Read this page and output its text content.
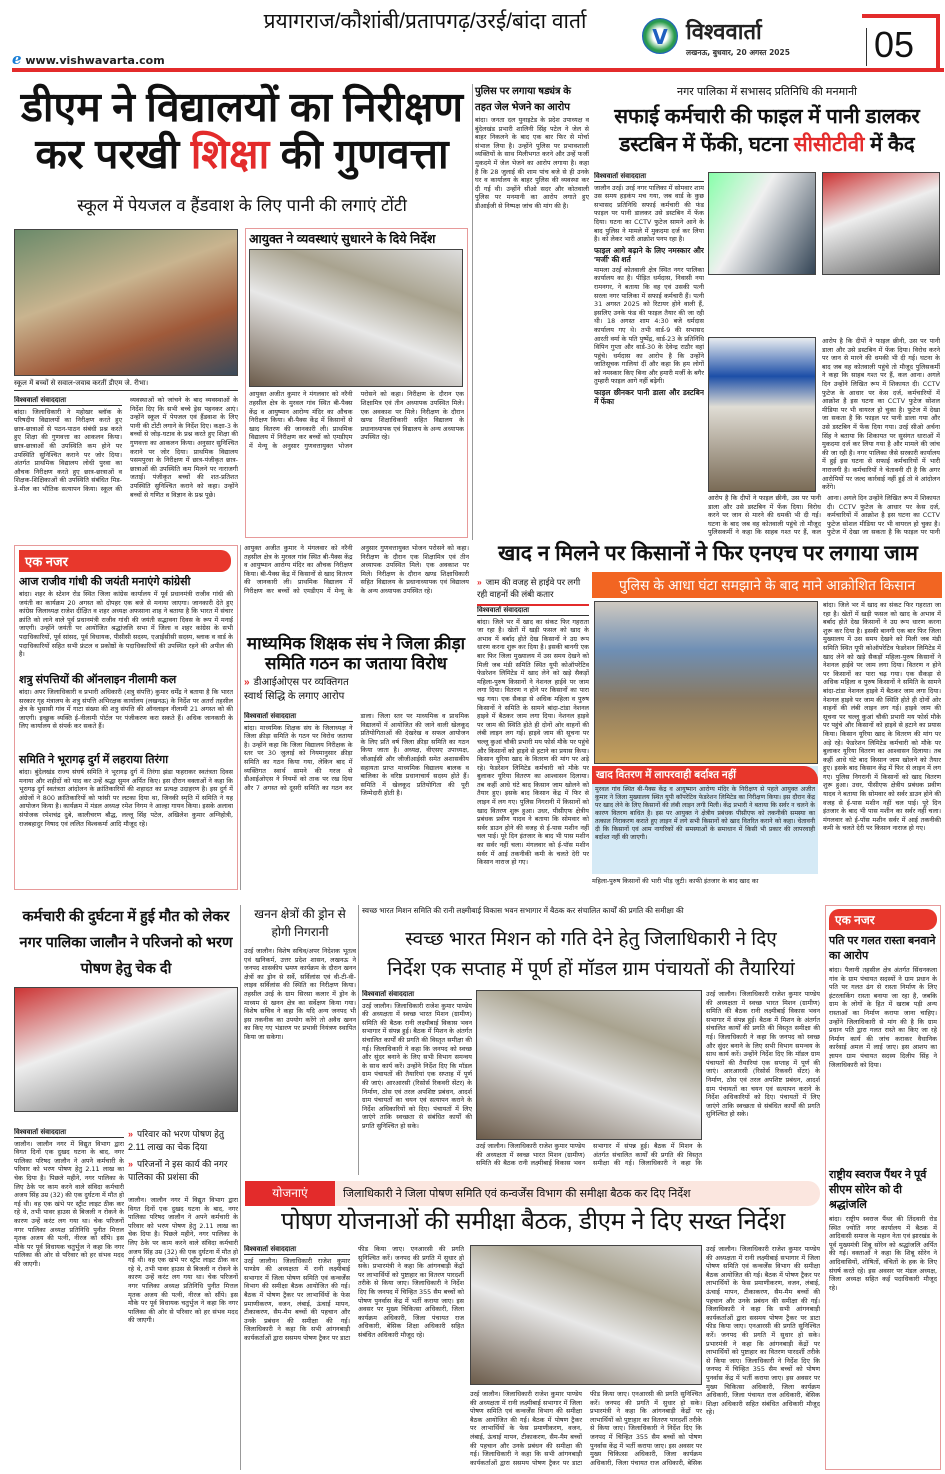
प्रयागराज/कौशांबी/प्रतापगढ़/उरई/बांदा वार्ता
e www.vishwavarta.com
V विश्ववार्ता
लखनऊ, बुधवार, 20 अगस्त 2025 05
डीएम ने विद्यालयों का निरीक्षण
कर परखी शिक्षा की गुणवत्ता
स्कूल में पेयजल व हैंडवाश के लिए पानी की लगाएं टोंटी
स्कूल में बच्चों से सवाल-जवाब करतीं डीएम जे. रीभा।
विश्ववार्ता संवाददाता
बांदा। जिलाधिकारी ने महोखर ब्लॉक के परिषदीय विद्यालयों का निरीक्षण करते हुए छात्र-छात्राओं से पठन-पाठन संबंधी प्रश्न करते हुए शिक्षा की गुणवत्ता का आकलन किया। छात्र-छात्राओं की उपस्थिति कम होने पर उपस्थिति सुनिश्चित कराने पर जोर दिया। अंतर्गत प्राथमिक विद्यालय लोधी पुरवा का औचक निरीक्षण करते हुए छात्र-छात्राओं व शिक्षक-शिक्षिकाओं की उपस्थिति संबंधित मिड-डे-मील का भौतिक सत्यापन किया। स्कूल की व्यवस्थाओं को जांचने के बाद व्यवस्थाओं के निर्देश दिए कि सभी बच्चे ड्रेस पहनकर आएं। उन्होंने स्कूल में पेयजल एवं हैंडवाश के लिए पानी की टोंटी लगाने के निर्देश दिए। कक्षा-3 के बच्चों से जोड़-घटाव के प्रश्न करते हुए शिक्षा की गुणवत्ता का आकलन किया। अनुसार सुनिश्चित कराने पर जोर दिया। प्राथमिक विद्यालय पसमपुरवा के निरीक्षण में छात्र-पंजीकृत छात्र-छात्राओं की उपस्थिति कम मिलने पर नाराजगी जताई। पंजीकृत बच्चों की शत-प्रतिशत उपस्थिति सुनिश्चित कराने को कहा। उन्होंने बच्चों से गणित व विज्ञान के प्रश्न पूछे।
आयुक्त ने व्यवस्थाएं सुधारने के दिये निर्देश
आयुक्त अजीत कुमार ने मंगलवार को नरैनी तहसील क्षेत्र के मुरवल गांव स्थित बी-पैक्स केंद्र व आयुष्मान आरोग्य मंदिर का औचक निरीक्षण किया। बी-पैक्स केंद्र में किसानों से खाद वितरण की जानकारी ली। प्राथमिक विद्यालय में निरीक्षण कर बच्चों को एमडीएम में मेन्यू के अनुसार गुणवत्तायुक्त भोजन परोसने को कहा। निरीक्षण के दौरान एक शिक्षामित्र एवं तीन अध्यापक उपस्थित मिले। एक अवकाश पर मिले। निरीक्षण के दौरान खण्ड शिक्षाधिकारी सहित विद्यालय के प्रधानाध्यापक एवं विद्यालय के अन्य अध्यापक उपस्थित रहे।
पुलिस पर लगाया षड्यंत्र के तहत जेल भेजने का आरोप
बांदा। जनता दल युनाइटेड के प्रदेश उपाध्यक्ष व बुंदेलखंड प्रभारी शालिनी सिंह पटेल ने जेल से बाहर निकलने के बाद एक बार फिर से मोर्चा संभाल लिया है। उन्होंने पुलिस पर प्रभावशाली व्यक्तियों के साथ मिलीभगत करने और उन्हें फर्जी मुकदमे में जेल भेजने का आरोप लगाया है। कहा है कि 28 जुलाई की शाम पांच बजे से ही उनके घर व कार्यालय के बाहर पुलिस की व्यवस्था कर दी गई थी। उन्होंने सीओ सदर और कोतवाली पुलिस पर मनमानी का आरोप लगाते हुए डीआईजी से निष्पक्ष जांच की मांग की है।
नगर पालिका में सभासद प्रतिनिधि की मनमानी
सफाई कर्मचारी की फाइल में पानी डालकर
डस्टबिन में फेंकी, घटना सीसीटीवी में कैद
विश्ववार्ता संवाददाता
जालौन उरई। उरई नगर पालिका में सोमवार शाम उस समय हड़कंप मच गया, जब वार्ड के कुछ सभासद प्रतिनिधि सफाई कर्मचारी की फंड फाइल पर पानी डालकर उसे डस्टबिन में फेंक दिया। घटना का CCTV फुटेज सामने आने के बाद पुलिस ने मामले में मुकदमा दर्ज कर लिया है। को लेकर भारी आक्रोश पनप रहा है।
फाइल आगे बढ़ाने के लिए नमस्कार और 'मर्जी' की शर्त
मामला उरई कोतवाली क्षेत्र स्थित नगर पालिका कार्यालय का है। पीड़ित धर्मदास, निवासी नया रामनगर, ने बताया कि वह एवं उसकी पत्नी सरला नगर पालिका में सफाई कर्मचारी हैं। पत्नी 31 अगस्त 2025 को रिटायर होने वाली हैं, इसलिए उनके फंड की फाइल तैयार की जा रही थी। 18 अगस्त शाम 4:30 बजे धर्मदास कार्यालय गए थे। तभी वार्ड-9 की सभासद आरती वर्मा के पति पुष्पेंद्र, वार्ड-23 के प्रतिनिधि विपिन गुप्ता और वार्ड-30 के देवेन्द्र राठौर वहां पहुंचे। धर्मदास का आरोप है कि उन्होंने जातिसूचक गालियां दीं और कहा कि हम लोगों को नमस्कार किए बिना और हमारी मर्जी के बगैर तुम्हारी फाइल आगे नहीं बढ़ेगी।
फाइल छीनकर पानी डाला और डस्टबिन में फेंका
आरोप है कि दीपों ने फाइल छीनी, उस पर पानी डाला और उसे डस्टबिन में फेंक दिया। विरोध करने पर जान से मारने की धमकी भी दी गई। घटना के बाद जब वह कोतवाली पहुंचे तो मौजूद पुलिसकर्मी ने कहा कि साहब गश्त पर हैं, कल आना। अगले दिन उन्होंने लिखित रूप में शिकायत दी। CCTV फुटेज के आधार पर केस दर्ज, कर्मचारियों में आक्रोश है इस घटना का CCTV फुटेज सोशल मीडिया पर भी वायरल हो चुका है। फुटेज में देखा जा सकता है कि फाइल पर पानी
आरोप है कि दीपों ने फाइल छीनी, उस पर पानी डाला और उसे डस्टबिन में फेंक दिया। विरोध करने पर जान से मारने की धमकी भी दी गई। घटना के बाद जब वह कोतवाली पहुंचे तो मौजूद पुलिसकर्मी ने कहा कि साहब गश्त पर हैं, कल आना। अगले दिन उन्होंने लिखित रूप में शिकायत दी। CCTV फुटेज के आधार पर केस दर्ज, कर्मचारियों में आक्रोश है इस घटना का CCTV फुटेज सोशल मीडिया पर भी वायरल हो चुका है। फुटेज में देखा जा सकता है कि फाइल पर पानी डाला गया और उसे डस्टबिन में फेंक दिया गया। उरई सीओ अर्चना सिंह ने बताया कि शिकायत पर सुसंगत धाराओं में मुकदमा दर्ज कर लिया गया है और मामले की जांच की जा रही है। नगर पालिका जैसे सरकारी कार्यालय में हुई इस घटना से सफाई कर्मचारियों में भारी नाराजगी है। कर्मचारियों ने चेतावनी दी है कि अगर आरोपियों पर जल्द कार्रवाई नहीं हुई तो वे आंदोलन करेंगे।
एक नजर
आज राजीव गांधी की जयंती मनाएंगे कांग्रेसी
बांदा। शहर के स्टेशन रोड स्थित जिला कांग्रेस कार्यालय में पूर्व प्रधानमंत्री राजीव गांधी की जयंती का कार्यक्रम 20 अगस्त को दोपहर एक बजे से मनाया जाएगा। जानकारी देते हुए कांग्रेस जिलाध्यक्ष राजेश दीक्षित व शहर अध्यक्ष अफसाना शाह ने बताया है कि भारत में संचार क्रांति को लाने वाले पूर्व प्रधानमंत्री राजीव गांधी की जयंती सद्भावना दिवस के रूप में मनाई जाएगी। उन्होंने जयंती पर आयोजित श्रद्धांजलि सभा में जिला व शहर कांग्रेस के सभी पदाधिकारियों, पूर्व सांसद, पूर्व विधायक, पीसीसी सदस्य, एआईसीसी सदस्य, ब्लाक व वार्ड के पदाधिकारियों सहित सभी फ्रंटल व प्रकोष्ठों के पदाधिकारियों की उपस्थित रहने की अपील की है।
शत्रु संपत्तियों की ऑनलाइन नीलामी कल
बांदा। अपर जिलाधिकारी व प्रभारी अधिकारी (शत्रु संपत्ति) कुमार धर्मेंद्र ने बताया है कि भारत सरकार गृह मंत्रालय के शत्रु संपत्ति अभिरक्षक कार्यालय (लखनऊ) के निर्देश पर अतर्रा तहसील क्षेत्र के भुसासी गांव में गाटा संख्या की शत्रु संपत्ति की ऑनलाइन नीलामी 21 अगस्त को की जाएगी। इच्छुक व्यक्ति ई-नीलामी पोर्टल पर पंजीकरण करा सकते हैं। अधिक जानकारी के लिए कार्यालय से संपर्क कर सकते हैं।
समिति ने भूरागढ़ दुर्ग में लहराया तिरंगा
बांदा। बुंदेलखंड राज्य संघर्ष समिति ने भूरागढ़ दुर्ग में तिरंगा झंडा फहराकर स्वतंत्रता दिवस मनाया और शहीदों को याद कर उन्हें श्रद्धा सुमन अर्पित किए। इस दौरान वक्ताओं ने कहा कि भूरागढ़ दुर्ग स्वतंत्रता आंदोलन के क्रांतिकारियों की शहादत का प्रत्यक्ष उदाहरण है। इस दुर्ग में अंग्रेजों ने 800 क्रांतिकारियों को फांसी पर लटका दिया था, जिनकी स्मृति में समिति ने यह आयोजन किया है। कार्यक्रम में मंडल अध्यक्ष रमेश निगम ने आल्हा गायन किया। इसके अलावा संयोजक रमेशचंद्र दुबे, कालीचरण बौद्ध, लल्लू सिंह पटेल, अखिलेश कुमार अग्निहोत्री, राजबहादुर निषाद एवं ललित विश्वकर्मा आदि मौजूद रहे।
आयुक्त अजीत कुमार ने मंगलवार को नरैनी तहसील क्षेत्र के मुरवल गांव स्थित बी-पैक्स केंद्र व आयुष्मान आरोग्य मंदिर का औचक निरीक्षण किया। बी-पैक्स केंद्र में किसानों से खाद वितरण की जानकारी ली। प्राथमिक विद्यालय में निरीक्षण कर बच्चों को एमडीएम में मेन्यू के अनुसार गुणवत्तायुक्त भोजन परोसने को कहा। निरीक्षण के दौरान एक शिक्षामित्र एवं तीन अध्यापक उपस्थित मिले। एक अवकाश पर मिले। निरीक्षण के दौरान खण्ड शिक्षाधिकारी सहित विद्यालय के प्रधानाध्यापक एवं विद्यालय के अन्य अध्यापक उपस्थित रहे।
माध्यमिक शिक्षक संघ ने जिला क्रीड़ा समिति गठन का जताया विरोध
» डीआईओएस पर व्यक्तिगत स्वार्थ सिद्धि के लगाए आरोप
विश्ववार्ता संवाददाता
बांदा। माध्यमिक शिक्षक संघ के जिलाध्यक्ष ने जिला क्रीड़ा समिति के गठन पर विरोध जताया है। उन्होंने कहा कि जिला विद्यालय निरीक्षक के स्तर पर 30 जुलाई को नियमानुसार क्रीड़ा समिति का गठन किया गया, लेकिन बाद में व्यक्तिगत स्वार्थ सामने की गरज से डीआईओएस ने नियमों को ताक पर रख दिया और 7 अगस्त को दूसरी समिति का गठन कर डाला। जिला स्तर पर माध्यमिक व प्राथमिक विद्यालयों में आयोजित की जाने वाली खेलकूद प्रतियोगिताओं की देखरेख व सफल आयोजन के लिए प्रति वर्ष जिला क्रीड़ा समिति का गठन किया जाता है। अध्यक्ष, वीएसए उपाध्यक्ष, जीआईसी और जीजीआईसी समेत अशासकीय सहायता प्राप्त माध्यमिक विद्यालय बालक व बालिका के वरिष्ठ प्रधानाचार्य सदस्य होते हैं। समिति में खेलकूद प्रतियोगिता की पूरी जिम्मेदारी होती है।
खाद न मिलने पर किसानों ने फिर एनएच पर लगाया जाम
पुलिस के आधा घंटा समझाने के बाद माने आक्रोशित किसान
» जाम की वजह से हाईवे पर लगी रही वाहनों की लंबी कतार
विश्ववार्ता संवाददाता
बांदा। जिले भर में खाद का संकट फिर गहराता जा रहा है। खेतों में खड़ी फसल को खाद के अभाव में बर्बाद होते देख किसानों ने उग्र रूप धारण करना शुरू कर दिया है। इसकी बानगी एक बार फिर जिला मुख्यालय में उस समय देखने को मिली जब मंडी समिति स्थित यूपी कोऑपरेटिव फेडरेशन लिमिटेड में खाद लेने को खड़े सैकड़ों महिला-पुरुष किसानों ने नेशनल हाईवे पर जाम लगा दिया। वितरण न होने पर किसानों का पारा चढ़ गया। एक सैकड़ा से अधिक महिला व पुरुष किसानों ने समिति के सामने बांदा-टांडा नेशनल हाइवे में बैठकर जाम लगा दिया। नेशनल हाइवे पर जाम की स्थिति होते ही दोनों ओर वाहनों की लंबी लाइन लग गई। हाइवे जाम की सूचना पर चल्लू कुआं चौकी प्रभारी मय फोर्स मौके पर पहुंचे और किसानों को हाइवे से हटाने का प्रयास किया। किसान यूरिया खाद के वितरण की मांग पर अड़े रहे। फेडरेशन लिमिटेड कर्मचारी को मौके पर बुलाकर यूरिया वितरण का आश्वासन दिलाया। तब कहीं आधे घंटे बाद किसान जाम खोलने को तैयार हुए। इसके बाद किसान केंद्र में फिर से लाइन में लग गए। पुलिस निगरानी में किसानों को खाद वितरण शुरू हुआ। उधर, पीसीएफ क्षेत्रीय प्रबंधक प्रवीण यादव ने बताया कि सोमवार को सर्वर डाउन होने की वजह से ई-पास मशीन नहीं चल पाई। पूरे दिन इंतजार के बाद भी पास मशीन का सर्वर नहीं चला। मंगलवार को ई-पॉस मशीन सर्वर में आई तकनीकी कमी के चलते देरी पर किसान नाराज हो गए।
बांदा। जिले भर में खाद का संकट फिर गहराता जा रहा है। खेतों में खड़ी फसल को खाद के अभाव में बर्बाद होते देख किसानों ने उग्र रूप धारण करना शुरू कर दिया है। इसकी बानगी एक बार फिर जिला मुख्यालय में उस समय देखने को मिली जब मंडी समिति स्थित यूपी कोऑपरेटिव फेडरेशन लिमिटेड में खाद लेने को खड़े सैकड़ों महिला-पुरुष किसानों ने नेशनल हाईवे पर जाम लगा दिया। वितरण न होने पर किसानों का पारा चढ़ गया। एक सैकड़ा से अधिक महिला व पुरुष किसानों ने समिति के सामने बांदा-टांडा नेशनल हाइवे में बैठकर जाम लगा दिया। नेशनल हाइवे पर जाम की स्थिति होते ही दोनों ओर वाहनों की लंबी लाइन लग गई। हाइवे जाम की सूचना पर चल्लू कुआं चौकी प्रभारी मय फोर्स मौके पर पहुंचे और किसानों को हाइवे से हटाने का प्रयास किया। किसान यूरिया खाद के वितरण की मांग पर अड़े रहे। फेडरेशन लिमिटेड कर्मचारी को मौके पर बुलाकर यूरिया वितरण का आश्वासन दिलाया। तब कहीं आधे घंटे बाद किसान जाम खोलने को तैयार हुए। इसके बाद किसान केंद्र में फिर से लाइन में लग गए। पुलिस निगरानी में किसानों को खाद वितरण शुरू हुआ। उधर, पीसीएफ क्षेत्रीय प्रबंधक प्रवीण यादव ने बताया कि सोमवार को सर्वर डाउन होने की वजह से ई-पास मशीन नहीं चल पाई। पूरे दिन इंतजार के बाद भी पास मशीन का सर्वर नहीं चला। मंगलवार को ई-पॉस मशीन सर्वर में आई तकनीकी कमी के चलते देरी पर किसान नाराज हो गए।
खाद वितरण में लापरवाही बर्दाश्त नहीं
मुरवल गांव स्थित बी-पैक्स केंद्र व आयुष्मान आरोग्य मंदिर के निरीक्षण से पहले आयुक्त अजीत कुमार ने जिला मुख्यालय स्थित यूपी कॉपरेटिव फेडरेशन लिमिटेड का निरीक्षण किया। इस दौरान केंद्र पर खाद लेने के लिए किसानों की लंबी लाइन लगी मिली। केंद्र प्रभारी ने बताया कि सर्वर न चलने के कारण वितरण बाधित है। इस पर आयुक्त ने क्षेत्रीय प्रबंधक पीसीएफ को तकनीकी समस्या का तत्काल निराकरण कराते हुए लाइन में लगे सभी किसानों को खाद वितरित कराने को कहा। चेतावनी दी कि किसानों एवं आम नागरिकों की समस्याओं के समाधान में किसी भी प्रकार की लापरवाही बर्दाश्त नहीं की जाएगी।
महिला-पुरुष किसानों की भारी भीड़ जुटी। काफी इंतजार के बाद खाद का
कर्मचारी की दुर्घटना में हुई मौत को लेकर नगर पालिका जालौन ने परिजनो को भरण पोषण हेतु चेक दी
विश्ववार्ता संवाददाता
जालौन। जालौन नगर में विद्युत विभाग द्वारा विगत दिनों एक दुखद घटना के बाद, नगर पालिका परिषद जालौन ने अपने कर्मचारी के परिवार को भरण पोषण हेतु 2.11 लाख का चेक दिया है। पिछले महीने, नगर पालिका के लिए ठेके पर काम करने वाले संविदा कर्मचारी अजय सिंह उम्र (32) की एक दुर्घटना में मौत हो गई थी। वह एक खंभे पर स्ट्रीट लाइट ठीक कर रहे थे, तभी पावर हाउस से बिजली न रोकने के कारण उन्हें करंट लग गया था। चेक परिजनों नगर पालिका अध्यक्ष प्रतिनिधि पुनीत मित्तल मृतक अजय की पत्नी, नीरज को सौंपे। इस मौके पर पूर्व विधायक चतुर्भुज ने कहा कि नगर पालिका की ओर से परिवार को हर संभव मदद की जाएगी।
» परिवार को भरण पोषण हेतु 2.11 लाख का चेक दिया
» परिजनों ने इस कार्य की नगर पालिका की प्रशंसा की
जालौन। जालौन नगर में विद्युत विभाग द्वारा विगत दिनों एक दुखद घटना के बाद, नगर पालिका परिषद जालौन ने अपने कर्मचारी के परिवार को भरण पोषण हेतु 2.11 लाख का चेक दिया है। पिछले महीने, नगर पालिका के लिए ठेके पर काम करने वाले संविदा कर्मचारी अजय सिंह उम्र (32) की एक दुर्घटना में मौत हो गई थी। वह एक खंभे पर स्ट्रीट लाइट ठीक कर रहे थे, तभी पावर हाउस से बिजली न रोकने के कारण उन्हें करंट लग गया था। चेक परिजनों नगर पालिका अध्यक्ष प्रतिनिधि पुनीत मित्तल मृतक अजय की पत्नी, नीरज को सौंपे। इस मौके पर पूर्व विधायक चतुर्भुज ने कहा कि नगर पालिका की ओर से परिवार को हर संभव मदद की जाएगी।
खनन क्षेत्रों की ड्रोन से होगी निगरानी
उरई जालौन। विशेष सचिव/अपर निदेशक भूतत्व एवं खनिकर्म, उत्तर प्रदेश शासन, लखनऊ ने जनपद शासकीय भ्रमण कार्यक्रम के दौरान खनन क्षेत्रों का ड्रोन से सर्वे, सर्विलांस एवं वी-टी-वी-लाइव सर्विलांस की स्थिति का निरीक्षण किया। तहसील उरई के ग्राम सिरसा कलार में ड्रोन के माध्यम से खनन क्षेत्र का सर्वेक्षण किया गया। विशेष सचिव ने कहा कि यदि अन्य जनपद भी इस तकनीक का उपयोग करेंगे तो अवैध खनन का किए गए भंडारण पर प्रभावी नियंत्रण स्थापित किया जा सकेगा।
स्वच्छ भारत मिशन समिति की रानी लक्ष्मीबाई विकास भवन सभागार में बैठक कर संचालित कार्यों की प्रगति की समीक्षा की
स्वच्छ भारत मिशन को गति देने हेतु जिलाधिकारी ने दिए
निर्देश एक सप्ताह में पूर्ण हों मॉडल ग्राम पंचायतों की तैयारियां
विश्ववार्ता संवाददाता
उरई जालौन। जिलाधिकारी राजेश कुमार पाण्डेय की अध्यक्षता में स्वच्छ भारत मिशन (ग्रामीण) समिति की बैठक रानी लक्ष्मीबाई विकास भवन सभागार में संपन्न हुई। बैठक में मिशन के अंतर्गत संचालित कार्यों की प्रगति की विस्तृत समीक्षा की गई। जिलाधिकारी ने कहा कि जनपद को स्वच्छ और सुंदर बनाने के लिए सभी विभाग समन्वय के साथ कार्य करें। उन्होंने निर्देश दिए कि मॉडल ग्राम पंचायतों की तैयारियां एक सप्ताह में पूर्ण की जाएं। आरआरसी (रिसोर्स रिकवरी सेंटर) के निर्माण, ठोस एवं तरल अपशिष्ट प्रबंधन, आदर्श ग्राम पंचायतों का चयन एवं सत्यापन कराने के निर्देश अधिकारियों को दिए। पंचायतों में लिए जाएंगे ताकि स्वच्छता से संबंधित कार्यों की प्रगति सुनिश्चित हो सके।
उरई जालौन। जिलाधिकारी राजेश कुमार पाण्डेय की अध्यक्षता में स्वच्छ भारत मिशन (ग्रामीण) समिति की बैठक रानी लक्ष्मीबाई विकास भवन सभागार में संपन्न हुई। बैठक में मिशन के अंतर्गत संचालित कार्यों की प्रगति की विस्तृत समीक्षा की गई। जिलाधिकारी ने कहा कि
उरई जालौन। जिलाधिकारी राजेश कुमार पाण्डेय की अध्यक्षता में स्वच्छ भारत मिशन (ग्रामीण) समिति की बैठक रानी लक्ष्मीबाई विकास भवन सभागार में संपन्न हुई। बैठक में मिशन के अंतर्गत संचालित कार्यों की प्रगति की विस्तृत समीक्षा की गई। जिलाधिकारी ने कहा कि जनपद को स्वच्छ और सुंदर बनाने के लिए सभी विभाग समन्वय के साथ कार्य करें। उन्होंने निर्देश दिए कि मॉडल ग्राम पंचायतों की तैयारियां एक सप्ताह में पूर्ण की जाएं। आरआरसी (रिसोर्स रिकवरी सेंटर) के निर्माण, ठोस एवं तरल अपशिष्ट प्रबंधन, आदर्श ग्राम पंचायतों का चयन एवं सत्यापन कराने के निर्देश अधिकारियों को दिए। पंचायतों में लिए जाएंगे ताकि स्वच्छता से संबंधित कार्यों की प्रगति सुनिश्चित हो सके।
योजनाएं	जिलाधिकारी ने जिला पोषण समिति एवं कन्वर्जेंस विभाग की समीक्षा बैठक कर दिए निर्देश
पोषण योजनाओं की समीक्षा बैठक, डीएम ने दिए सख्त निर्देश
विश्ववार्ता संवाददाता
उरई जालौन। जिलाधिकारी राजेश कुमार पाण्डेय की अध्यक्षता में रानी लक्ष्मीबाई सभागार में जिला पोषण समिति एवं कन्वर्जेंस विभाग की समीक्षा बैठक आयोजित की गई। बैठक में पोषण ट्रैकर पर लाभार्थियों के फेस प्रमाणीकरण, वजन, लंबाई, ऊंचाई मापन, टीकाकरण, सैम-मैम बच्चों की पहचान और उनके प्रबंधन की समीक्षा की गई। जिलाधिकारी ने कहा कि सभी आंगनबाड़ी कार्यकर्ताओं द्वारा ससमय पोषण ट्रैकर पर डाटा फीड किया जाए। एनआरसी की प्रगति सुनिश्चित करें। जनपद की प्रगति में सुधार हो सके। प्रभारमंत्री ने कहा कि आंगनबाड़ी केंद्रों पर लाभार्थियों को पुष्टाहार का वितरण पारदर्शी तरीके से किया जाए। जिलाधिकारी ने निर्देश दिए कि जनपद में चिन्हित 355 सैम बच्चों को पोषण पुनर्वास केंद्र में भर्ती कराया जाए। इस अवसर पर मुख्य चिकित्सा अधिकारी, जिला कार्यक्रम अधिकारी, जिला पंचायत राज अधिकारी, बेसिक शिक्षा अधिकारी सहित संबंधित अधिकारी मौजूद रहे।
उरई जालौन। जिलाधिकारी राजेश कुमार पाण्डेय की अध्यक्षता में रानी लक्ष्मीबाई सभागार में जिला पोषण समिति एवं कन्वर्जेंस विभाग की समीक्षा बैठक आयोजित की गई। बैठक में पोषण ट्रैकर पर लाभार्थियों के फेस प्रमाणीकरण, वजन, लंबाई, ऊंचाई मापन, टीकाकरण, सैम-मैम बच्चों की पहचान और उनके प्रबंधन की समीक्षा की गई। जिलाधिकारी ने कहा कि सभी आंगनबाड़ी कार्यकर्ताओं द्वारा ससमय पोषण ट्रैकर पर डाटा फीड किया जाए। एनआरसी की प्रगति सुनिश्चित करें। जनपद की प्रगति में सुधार हो सके। प्रभारमंत्री ने कहा कि आंगनबाड़ी केंद्रों पर लाभार्थियों को पुष्टाहार का वितरण पारदर्शी तरीके से किया जाए। जिलाधिकारी ने निर्देश दिए कि जनपद में चिन्हित 355 सैम बच्चों को पोषण पुनर्वास केंद्र में भर्ती कराया जाए। इस अवसर पर मुख्य चिकित्सा अधिकारी, जिला कार्यक्रम अधिकारी, जिला पंचायत राज अधिकारी, बेसिक
उरई जालौन। जिलाधिकारी राजेश कुमार पाण्डेय की अध्यक्षता में रानी लक्ष्मीबाई सभागार में जिला पोषण समिति एवं कन्वर्जेंस विभाग की समीक्षा बैठक आयोजित की गई। बैठक में पोषण ट्रैकर पर लाभार्थियों के फेस प्रमाणीकरण, वजन, लंबाई, ऊंचाई मापन, टीकाकरण, सैम-मैम बच्चों की पहचान और उनके प्रबंधन की समीक्षा की गई। जिलाधिकारी ने कहा कि सभी आंगनबाड़ी कार्यकर्ताओं द्वारा ससमय पोषण ट्रैकर पर डाटा फीड किया जाए। एनआरसी की प्रगति सुनिश्चित करें। जनपद की प्रगति में सुधार हो सके। प्रभारमंत्री ने कहा कि आंगनबाड़ी केंद्रों पर लाभार्थियों को पुष्टाहार का वितरण पारदर्शी तरीके से किया जाए। जिलाधिकारी ने निर्देश दिए कि जनपद में चिन्हित 355 सैम बच्चों को पोषण पुनर्वास केंद्र में भर्ती कराया जाए। इस अवसर पर मुख्य चिकित्सा अधिकारी, जिला कार्यक्रम अधिकारी, जिला पंचायत राज अधिकारी, बेसिक शिक्षा अधिकारी सहित संबंधित अधिकारी मौजूद रहे।
एक नजर
पति पर गलत रास्ता बनवाने का आरोप
बांदा। पैलानी तहसील क्षेत्र अंतर्गत सिंधनकला गांव के ग्राम पंचायत सदस्यों ने ग्राम प्रधान के पति पर गलत ढंग से रास्ता निर्माण के लिए इंटरलाकिंग रास्ता बनाया जा रहा है, जबकि ग्राम के लोगों के हित में खराब पड़ी अन्य रास्ताओं का निर्माण कराया जाना चाहिए। उन्होंने जिलाधिकारी से मांग की है कि ग्राम प्रधान पति द्वारा गलत रास्ते का किए जा रहे निर्माण कार्य की जांच कराकर वैधानिक कार्रवाई अमल में लाई जाए। इस आशय का ज्ञापन ग्राम पंचायत सदस्य दिलीप सिंह ने जिलाधिकारी को दिया।
राष्ट्रीय स्वराज पैंथर ने पूर्व सीएम सोरेन को दी श्रद्धांजलि
बांदा। राष्ट्रीय स्वराज पैंथर की तिंदवारी रोड स्थित ज्योति नगर कार्यालय में बैठक में आदिवासी समाज के महान नेता एवं झारखंड के पूर्व मुख्यमंत्री शिबू सोरेन को श्रद्धांजलि अर्पित की गई। वक्ताओं ने कहा कि शिबू सोरेन ने आदिवासियों, शोषितों, वंचितों के हक के लिए संघर्ष करते रहे। इस अवसर पर मंडल अध्यक्ष, जिला अध्यक्ष सहित कई पदाधिकारी मौजूद रहे।
